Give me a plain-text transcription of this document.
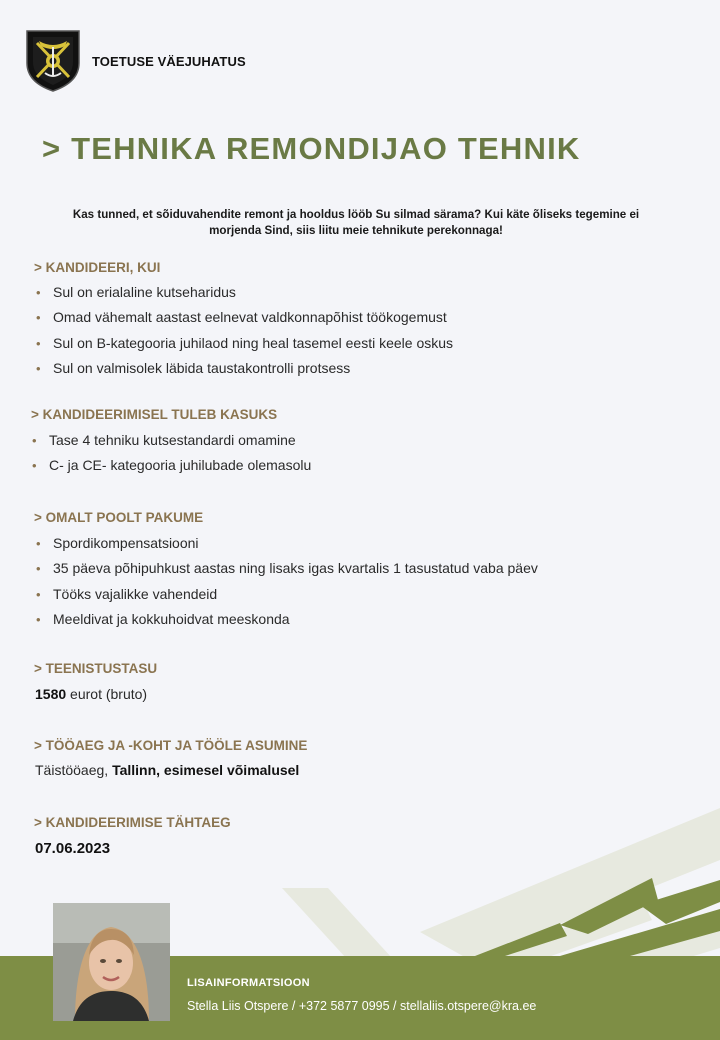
TOETUSE VÄEJUHATUS
> TEHNIKA REMONDIJAO TEHNIK
Kas tunned, et sõiduvahendite remont ja hooldus lööb Su silmad särama? Kui käte õliseks tegemine ei morjenda Sind, siis liitu meie tehnikute perekonnaga!
> KANDIDEERI, KUI
• Sul on erialaline kutseharidus
• Omad vähemalt aastast eelnevat valdkonnapõhist töökogemust
• Sul on B-kategooria juhilaod ning heal tasemel eesti keele oskus
• Sul on valmisolek läbida taustakontrolli protsess
> KANDIDEERIMISEL TULEB KASUKS
• Tase 4 tehniku kutsestandardi omamine
• C- ja CE- kategooria juhilubade olemasolu
> OMALT POOLT PAKUME
• Spordikompensatsiooni
• 35 päeva põhipuhkust aastas ning lisaks igas kvartalis 1 tasustatud vaba päev
• Tööks vajalikke vahendeid
• Meeldivat ja kokkuhoidvat meeskonda
> TEENISTUSTASU
1580 eurot (bruto)
> TÖÖAEG JA -KOHT JA TÖÖLE ASUMINE
Täistööaeg, Tallinn, esimesel võimalusel
> KANDIDEERIMISE TÄHTAEG
07.06.2023
LISAINFORMATSIOON
Stella Liis Otspere / +372 5877 0995 / stellaliis.otspere@kra.ee
